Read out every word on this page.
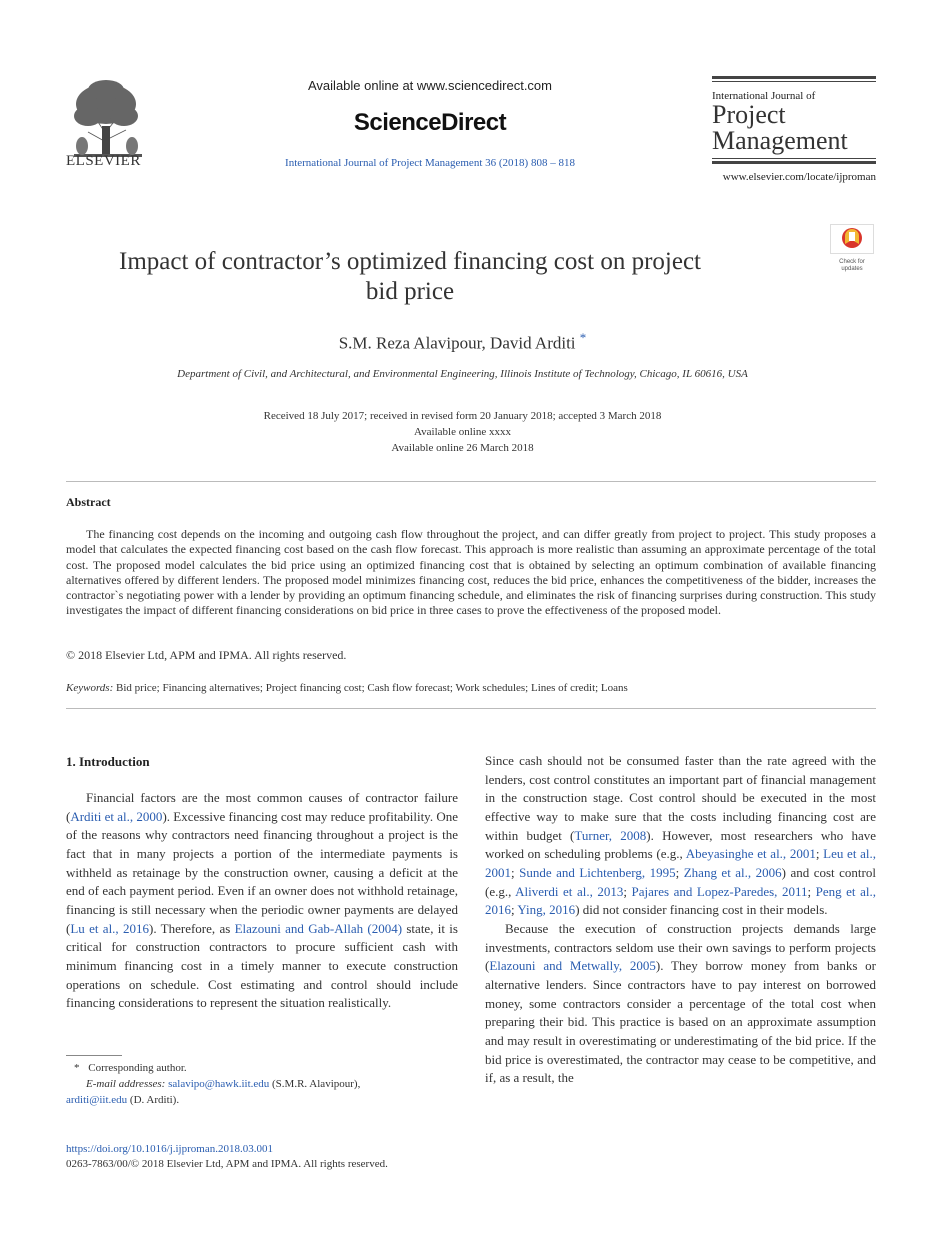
ELSEVIER
Available online at www.sciencedirect.com
ScienceDirect
International Journal of Project Management 36 (2018) 808 – 818
International Journal of
Project
Management
www.elsevier.com/locate/ijproman
Impact of contractor’s optimized financing cost on project
bid price
Check for updates
S.M. Reza Alavipour, David Arditi *
Department of Civil, and Architectural, and Environmental Engineering, Illinois Institute of Technology, Chicago, IL 60616, USA
Received 18 July 2017; received in revised form 20 January 2018; accepted 3 March 2018
Available online xxxx
Available online 26 March 2018
Abstract
The financing cost depends on the incoming and outgoing cash flow throughout the project, and can differ greatly from project to project. This study proposes a model that calculates the expected financing cost based on the cash flow forecast. This approach is more realistic than assuming an approximate percentage of the total cost. The proposed model calculates the bid price using an optimized financing cost that is obtained by selecting an optimum combination of available financing alternatives offered by different lenders. The proposed model minimizes financing cost, reduces the bid price, enhances the competitiveness of the bidder, increases the contractor`s negotiating power with a lender by providing an optimum financing schedule, and eliminates the risk of financing surprises during construction. This study investigates the impact of different financing considerations on bid price in three cases to prove the effectiveness of the proposed model.
© 2018 Elsevier Ltd, APM and IPMA. All rights reserved.
Keywords: Bid price; Financing alternatives; Project financing cost; Cash flow forecast; Work schedules; Lines of credit; Loans
1. Introduction

Financial factors are the most common causes of contractor failure (Arditi et al., 2000). Excessive financing cost may reduce profitability. One of the reasons why contractors need financing throughout a project is the fact that in many projects a portion of the intermediate payments is withheld as retainage by the construction owner, causing a deficit at the end of each payment period. Even if an owner does not withhold retainage, financing is still necessary when the periodic owner payments are delayed (Lu et al., 2016). Therefore, as Elazouni and Gab-Allah (2004) state, it is critical for construction contractors to procure sufficient cash with minimum financing cost in a timely manner to execute construction operations on schedule. Cost estimating and control should include financing considerations to represent the situation realistically.

Since cash should not be consumed faster than the rate agreed with the lenders, cost control constitutes an important part of financial management in the construction stage. Cost control should be executed in the most effective way to make sure that the costs including financing cost are within budget (Turner, 2008). However, most researchers who have worked on scheduling problems (e.g., Abeyasinghe et al., 2001; Leu et al., 2001; Sunde and Lichtenberg, 1995; Zhang et al., 2006) and cost control (e.g., Aliverdi et al., 2013; Pajares and Lopez-Paredes, 2011; Peng et al., 2016; Ying, 2016) did not consider financing cost in their models.

Because the execution of construction projects demands large investments, contractors seldom use their own savings to perform projects (Elazouni and Metwally, 2005). They borrow money from banks or alternative lenders. Since contractors have to pay interest on borrowed money, some contractors consider a percentage of the total cost when preparing their bid. This practice is based on an approximate assumption and may result in overestimating or underestimating of the bid price. If the bid price is overestimated, the contractor may cease to be competitive, and if, as a result, the

* Corresponding author.
E-mail addresses: salavipo@hawk.iit.edu (S.M.R. Alavipour),
arditi@iit.edu (D. Arditi).
https://doi.org/10.1016/j.ijproman.2018.03.001
0263-7863/00/© 2018 Elsevier Ltd, APM and IPMA. All rights reserved.
